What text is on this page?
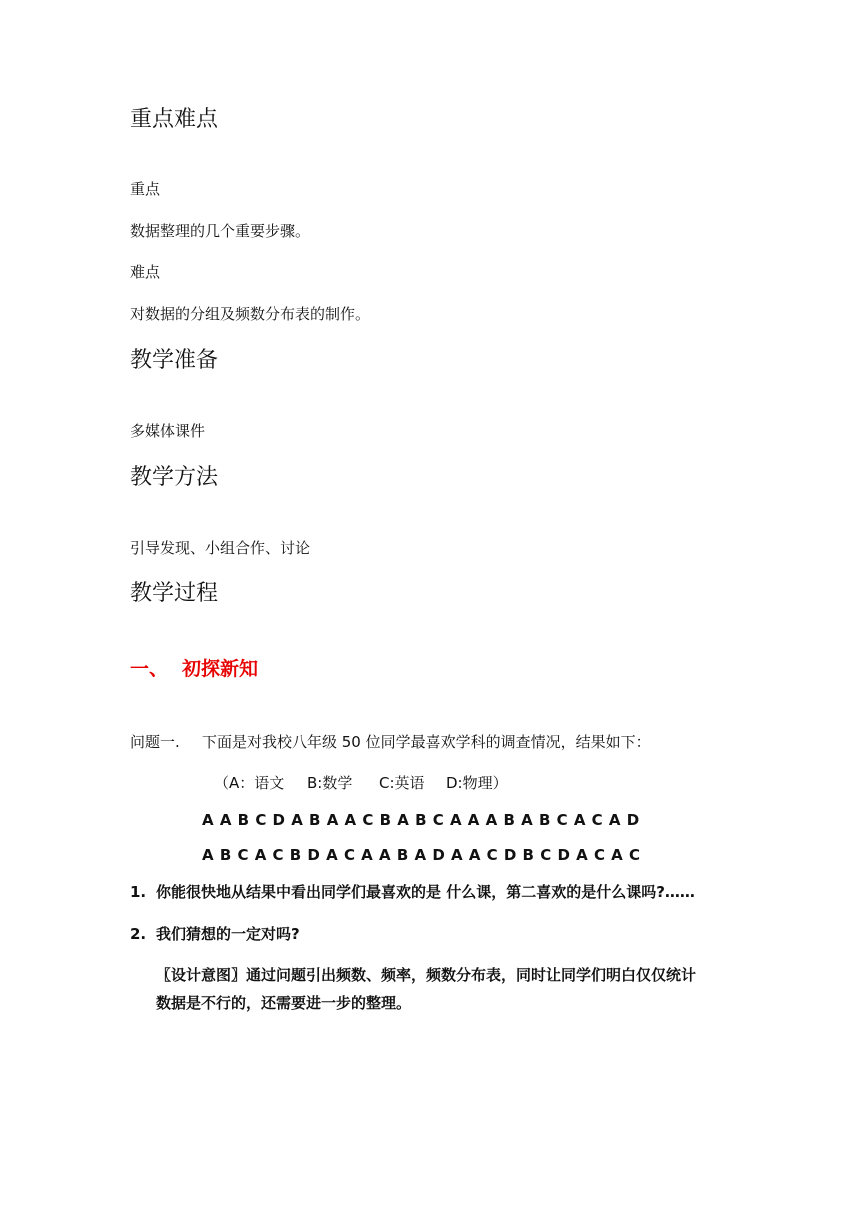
重点难点
重点
数据整理的几个重要步骤。
难点
对数据的分组及频数分布表的制作。
教学准备
多媒体课件
教学方法
引导发现、小组合作、讨论
教学过程
一、 初探新知
问题一. 下面是对我校八年级 50 位同学最喜欢学科的调查情况，结果如下：
（A：语文 B:数学 C:英语 D:物理）
A A B C D A B A A C B A B C A A A B A B C A C A D
A B C A C B D A C A A B A D A A C D B C D A C A C
1. 你能很快地从结果中看出同学们最喜欢的是 什么课，第二喜欢的是什么课吗?……
2. 我们猜想的一定对吗?
〖设计意图〗通过问题引出频数、频率，频数分布表，同时让同学们明白仅仅统计
数据是不行的，还需要进一步的整理。
